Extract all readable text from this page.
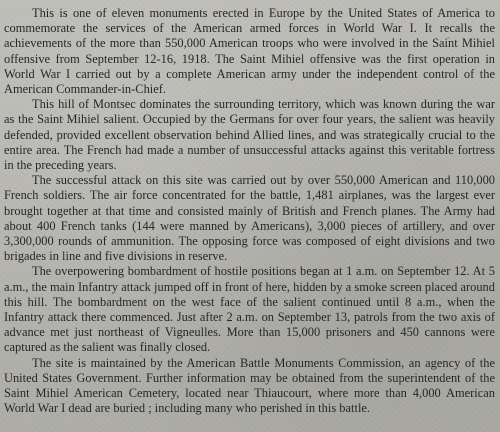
This is one of eleven monuments erected in Europe by the United States of America to commemorate the services of the American armed forces in World War I. It recalls the achievements of the more than 550,000 American troops who were involved in the Saint Mihiel offensive from September 12-16, 1918. The Saint Mihiel offensive was the first operation in World War I carried out by a complete American army under the independent control of the American Commander-in-Chief.

This hill of Montsec dominates the surrounding territory, which was known during the war as the Saint Mihiel salient. Occupied by the Germans for over four years, the salient was heavily defended, provided excellent observation behind Allied lines, and was strategically crucial to the entire area. The French had made a number of unsuccessful attacks against this veritable fortress in the preceding years.

The successful attack on this site was carried out by over 550,000 American and 110,000 French soldiers. The air force concentrated for the battle, 1,481 airplanes, was the largest ever brought together at that time and consisted mainly of British and French planes. The Army had about 400 French tanks (144 were manned by Americans), 3,000 pieces of artillery, and over 3,300,000 rounds of ammunition. The opposing force was composed of eight divisions and two brigades in line and five divisions in reserve.

The overpowering bombardment of hostile positions began at 1 a.m. on September 12. At 5 a.m., the main Infantry attack jumped off in front of here, hidden by a smoke screen placed around this hill. The bombardment on the west face of the salient continued until 8 a.m., when the Infantry attack there commenced. Just after 2 a.m. on September 13, patrols from the two axis of advance met just northeast of Vigneulles. More than 15,000 prisoners and 450 cannons were captured as the salient was finally closed.

The site is maintained by the American Battle Monuments Commission, an agency of the United States Government. Further information may be obtained from the superintendent of the Saint Mihiel American Cemetery, located near Thiaucourt, where more than 4,000 American World War I dead are buried ; including many who perished in this battle.
